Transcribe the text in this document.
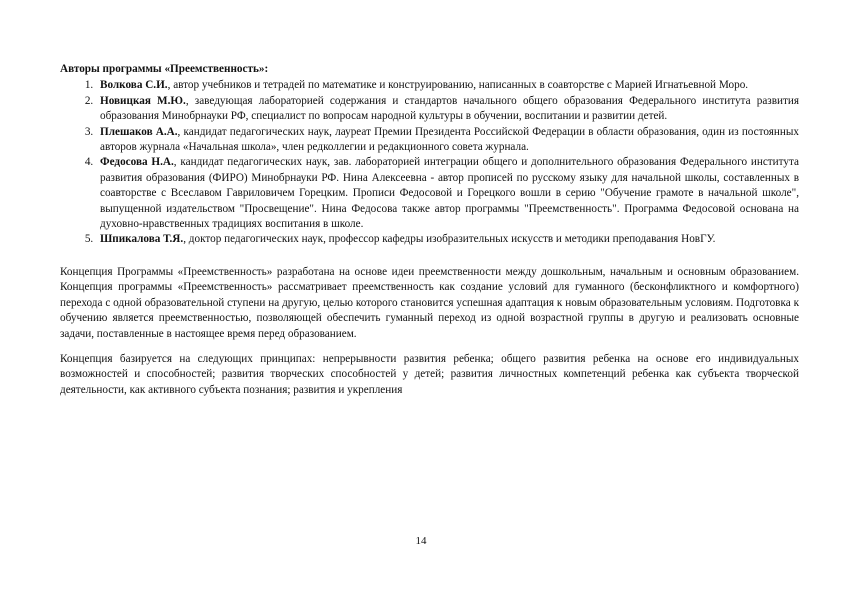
Авторы программы «Преемственность»:
1. Волкова С.И., автор учебников и тетрадей по математике и конструированию, написанных в соавторстве с Марией Игнатьевной Моро.
2. Новицкая М.Ю., заведующая лабораторией содержания и стандартов начального общего образования Федерального института развития образования Минобрнауки РФ, специалист по вопросам народной культуры в обучении, воспитании и развитии детей.
3. Плешаков А.А., кандидат педагогических наук, лауреат Премии Президента Российской Федерации в области образования, один из постоянных авторов журнала «Начальная школа», член редколлегии и редакционного совета журнала.
4. Федосова Н.А., кандидат педагогических наук, зав. лабораторией интеграции общего и дополнительного образования Федерального института развития образования (ФИРО) Минобрнауки РФ. Нина Алексеевна - автор прописей по русскому языку для начальной школы, составленных в соавторстве с Всеславом Гавриловичем Горецким. Прописи Федосовой и Горецкого вошли в серию "Обучение грамоте в начальной школе", выпущенной издательством "Просвещение". Нина Федосова также автор программы "Преемственность". Программа Федосовой основана на духовно-нравственных традициях воспитания в школе.
5. Шпикалова Т.Я., доктор педагогических наук, профессор кафедры изобразительных искусств и методики преподавания НовГУ.

Концепция Программы «Преемственность» разработана на основе идеи преемственности между дошкольным, начальным и основным образованием. Концепция программы «Преемственность» рассматривает преемственность как создание условий для гуманного (бесконфликтного и комфортного) перехода с одной образовательной ступени на другую, целью которого становится успешная адаптация к новым образовательным условиям. Подготовка к обучению является преемственностью, позволяющей обеспечить гуманный переход из одной возрастной группы в другую и реализовать основные задачи, поставленные в настоящее время перед образованием.

Концепция базируется на следующих принципах: непрерывности развития ребенка; общего развития ребенка на основе его индивидуальных возможностей и способностей; развития творческих способностей у детей; развития личностных компетенций ребенка как субъекта творческой деятельности, как активного субъекта познания; развития и укрепления

14
